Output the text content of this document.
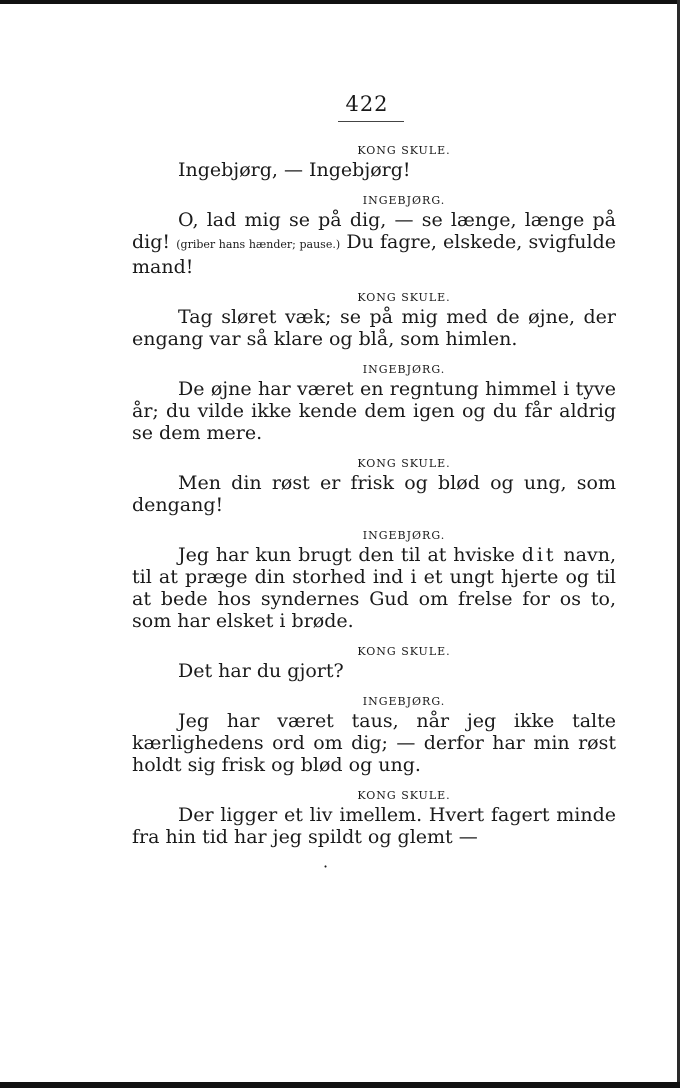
422
KONG SKULE.

Ingebjørg, — Ingebjørg!

INGEBJØRG.

O, lad mig se på dig, — se længe, længe på dig! (griber hans hænder; pause.) Du fagre, elskede, svigfulde mand!

KONG SKULE.

Tag sløret væk; se på mig med de øjne, der engang var så klare og blå, som himlen.

INGEBJØRG.

De øjne har været en regntung himmel i tyve år; du vilde ikke kende dem igen og du får aldrig se dem mere.

KONG SKULE.

Men din røst er frisk og blød og ung, som dengang!

INGEBJØRG.

Jeg har kun brugt den til at hviske dit navn, til at præge din storhed ind i et ungt hjerte og til at bede hos syndernes Gud om frelse for os to, som har elsket i brøde.

KONG SKULE.

Det har du gjort?

INGEBJØRG.

Jeg har været taus, når jeg ikke talte kærlighedens ord om dig; — derfor har min røst holdt sig frisk og blød og ung.

KONG SKULE.

Der ligger et liv imellem. Hvert fagert minde fra hin tid har jeg spildt og glemt —

·
